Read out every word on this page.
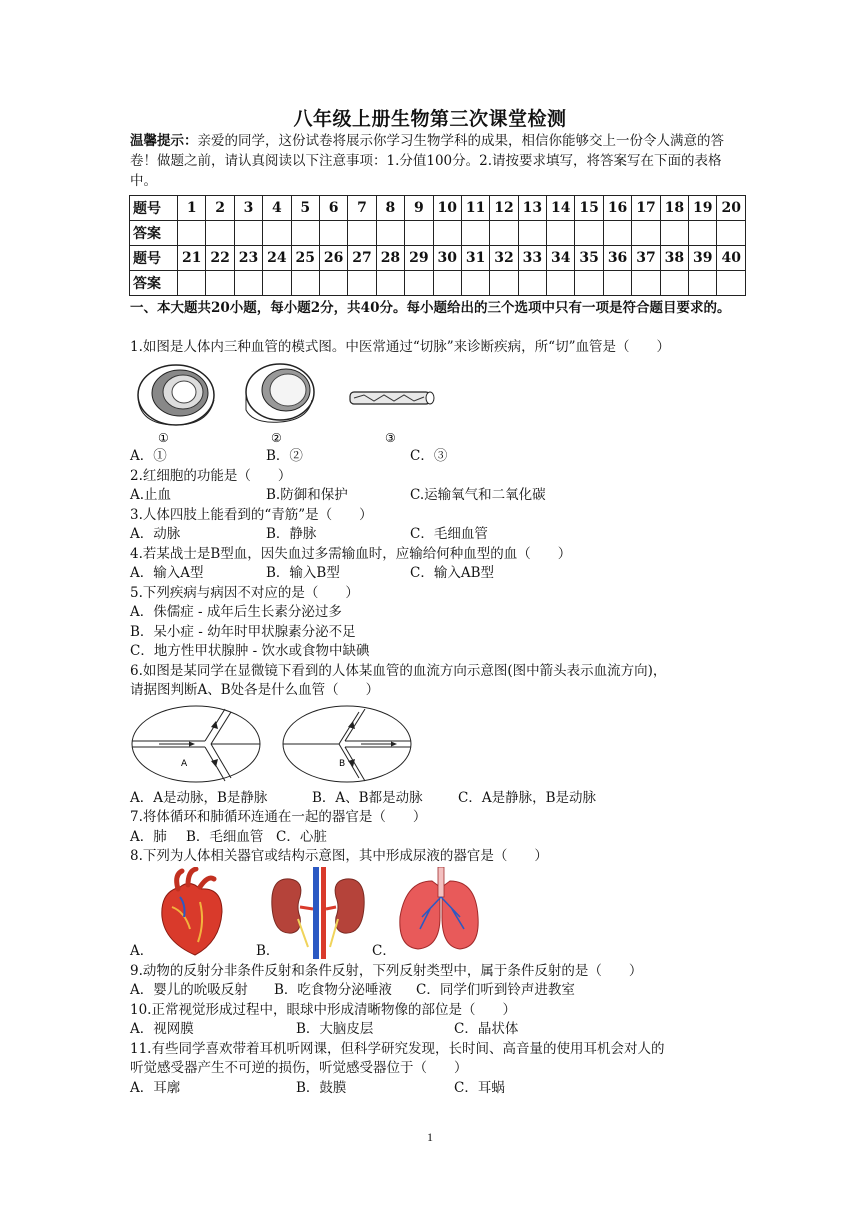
八年级上册生物第三次课堂检测
温馨提示：亲爱的同学，这份试卷将展示你学习生物学科的成果，相信你能够交上一份令人满意的答卷！做题之前，请认真阅读以下注意事项：1.分值100分。2.请按要求填写，将答案写在下面的表格中。
题号	1	2	3	4	5	6	7	8	9	10	11	12	13	14	15	16	17	18	19	20
答案																				
题号	21	22	23	24	25	26	27	28	29	30	31	32	33	34	35	36	37	38	39	40
答案																				
一、本大题共20小题，每小题2分，共40分。每小题给出的三个选项中只有一项是符合题目要求的。
1.如图是人体内三种血管的模式图。中医常通过“切脉”来诊断疾病，所“切”血管是（　　）
①	②	③
A．①	B．②	C．③
2.红细胞的功能是（　　）
A.止血	B.防御和保护	C.运输氧气和二氧化碳
3.人体四肢上能看到的“青筋”是（　　）
A．动脉	B．静脉	C．毛细血管
4.若某战士是B型血，因失血过多需输血时，应输给何种血型的血（　　）
A．输入A型	B．输入B型	C．输入AB型
5.下列疾病与病因不对应的是（　　）
A．侏儒症 - 成年后生长素分泌过多
B．呆小症 - 幼年时甲状腺素分泌不足
C．地方性甲状腺肿 - 饮水或食物中缺碘
6.如图是某同学在显微镜下看到的人体某血管的血流方向示意图(图中箭头表示血流方向)，
请据图判断A、B处各是什么血管（　　）
A	B
A．A是动脉，B是静脉	B．A、B都是动脉	C．A是静脉，B是动脉
7.将体循环和肺循环连通在一起的器官是（　　）
A．肺 B．毛细血管 C．心脏
8.下列为人体相关器官或结构示意图，其中形成尿液的器官是（　　）
A．	B．	C．
9.动物的反射分非条件反射和条件反射，下列反射类型中，属于条件反射的是（　　）
A．婴儿的吮吸反射 B．吃食物分泌唾液 C．同学们听到铃声进教室
10.正常视觉形成过程中，眼球中形成清晰物像的部位是（　　）
A．视网膜	B．大脑皮层	C．晶状体
11.有些同学喜欢带着耳机听网课，但科学研究发现，长时间、高音量的使用耳机会对人的
听觉感受器产生不可逆的损伤，听觉感受器位于（　　）
A．耳廓	B．鼓膜	C．耳蜗
1
